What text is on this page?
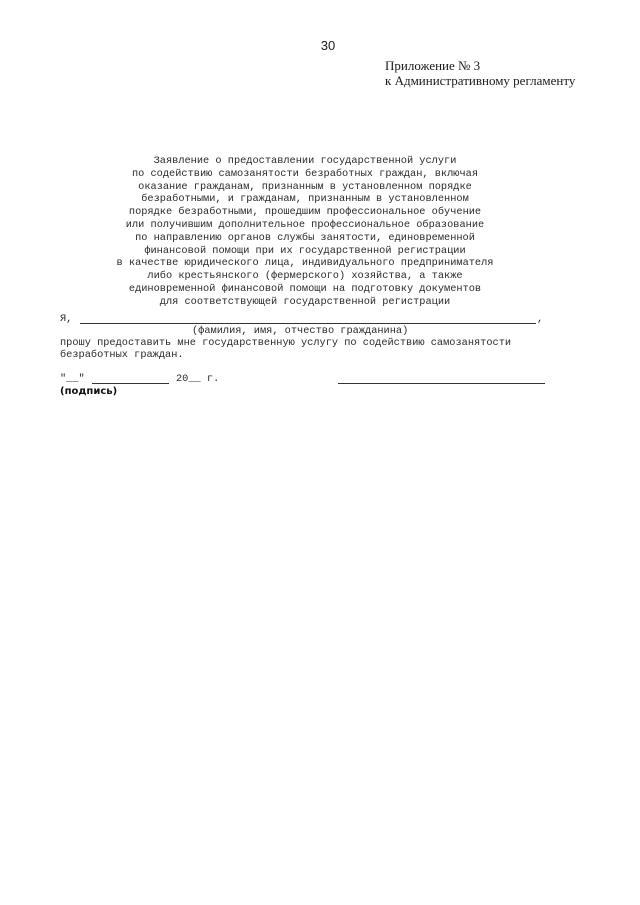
30
Приложение № 3
к Административному регламенту
Заявление о предоставлении государственной услуги
по содействию самозанятости безработных граждан, включая
оказание гражданам, признанным в установленном порядке
безработными, и гражданам, признанным в установленном
порядке безработными, прошедшим профессиональное обучение
или получившим дополнительное профессиональное образование
по направлению органов службы занятости, единовременной
финансовой помощи при их государственной регистрации
в качестве юридического лица, индивидуального предпринимателя
либо крестьянского (фермерского) хозяйства, а также
единовременной финансовой помощи на подготовку документов
для соответствующей государственной регистрации
Я,	,
(фамилия, имя, отчество гражданина)
прошу предоставить мне государственную услугу по содействию самозанятости
безработных граждан.
"__"	20__ г.
(подпись)
